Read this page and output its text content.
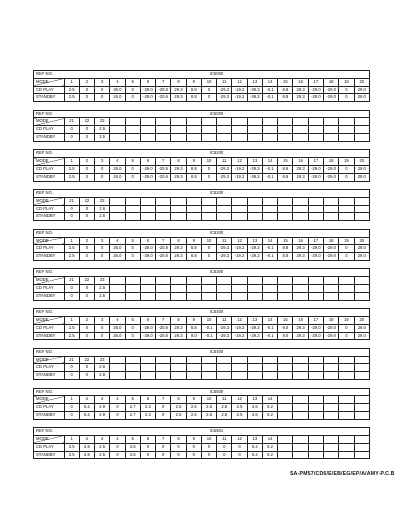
REF NO.	IC5000																			
MODE	1	2	3	4	5	6	7	8	9	10	11	12	13	14	15	16	17	18	19	20
CD PLAY	2.5	0	0	26.0	0	-29.0	-20.6	29.3	8.8	0	-29.3	-19.2	-29.3	-0.1	8.8	29.3	-29.0	-29.0	0	29.0
STANDBY	2.5	0	0	26.0	0	-29.0	-20.6	29.3	8.8	0	-29.3	-19.2	-29.3	-0.1	8.8	29.3	-29.0	-29.0	0	29.0
REF NO.	IC5000																			
MODE	21	22	23																	
CD PLAY	0	0	2.5																	
STANDBY	0	0	2.5																	
REF NO.	IC5200																			
MODE	1	2	3	4	5	6	7	8	9	10	11	12	13	14	15	16	17	18	19	20
CD PLAY	2.5	0	0	26.0	0	-29.0	-20.6	29.3	8.8	0	-29.3	-19.2	-29.3	-0.1	8.8	29.3	-29.0	-29.0	0	29.0
STANDBY	2.5	0	0	26.0	0	-29.0	-20.6	29.3	8.8	0	-29.3	-19.2	-29.3	-0.1	8.8	29.3	-29.0	-29.0	0	29.0
REF NO.	IC5200																			
MODE	21	22	23																	
CD PLAY	0	0	2.6																	
STANDBY	0	0	2.6																	
REF NO.	IC5300																			
MODE	1	2	3	4	5	6	7	8	9	10	11	12	13	14	15	16	17	18	19	20
CD PLAY	2.5	0	0	26.0	0	-29.0	-20.6	29.3	8.8	0	-29.3	-19.2	-29.3	-0.1	8.8	29.3	-29.0	-29.0	0	29.0
STANDBY	2.5	0	0	26.0	0	-29.0	-20.6	29.3	8.8	0	-29.3	-19.2	-29.3	-0.1	8.8	29.3	-29.0	-29.0	0	29.0
REF NO.	IC5300																			
MODE	21	22	23																	
CD PLAY	0	0	2.5																	
STANDBY	0	0	2.5																	
REF NO.	IC5400																			
MODE	1	2	3	4	5	6	7	8	9	10	11	12	13	14	15	16	17	18	19	20
CD PLAY	2.5	0	0	26.0	0	-29.0	-20.6	29.3	8.8	-0.1	-29.3	-19.2	-29.3	-0.1	9.0	29.3	-29.0	-29.0	0	29.0
STANDBY	2.5	0	0	26.0	0	-29.0	-20.6	29.3	9.0	-0.1	-29.3	-19.2	-29.3	-0.1	9.0	29.3	-29.0	-29.0	0	29.0
REF NO.	IC5400																			
MODE	21	22	23																	
CD PLAY	0	0	2.6																	
STANDBY	0	0	2.6																	
REF NO.	IC5500																			
MODE	1	2	3	4	5	6	7	8	9	10	11	12	13	14						
CD PLAY	0	5.2	4.9	0	2.7	2.2	0	2.5	2.6	2.6	2.5	2.5	2.6	5.2						
STANDBY	0	5.2	4.9	0	2.7	2.2	0	2.5	2.6	2.6	2.5	2.5	2.6	5.2						
REF NO.	IC5501																			
MODE	1	2	3	4	5	6	7	8	9	10	11	12	13	14						
CD PLAY	2.5	2.6	2.5	0	2.6	0	0	0	0	0	0	0	5.2	5.2						
STANDBY	2.5	2.6	2.5	0	2.6	0	0	0	0	0	0	0	5.2	5.2						
SA-PM57/CD6/E/EB/EG/EP/A/AMY-P.C.B
